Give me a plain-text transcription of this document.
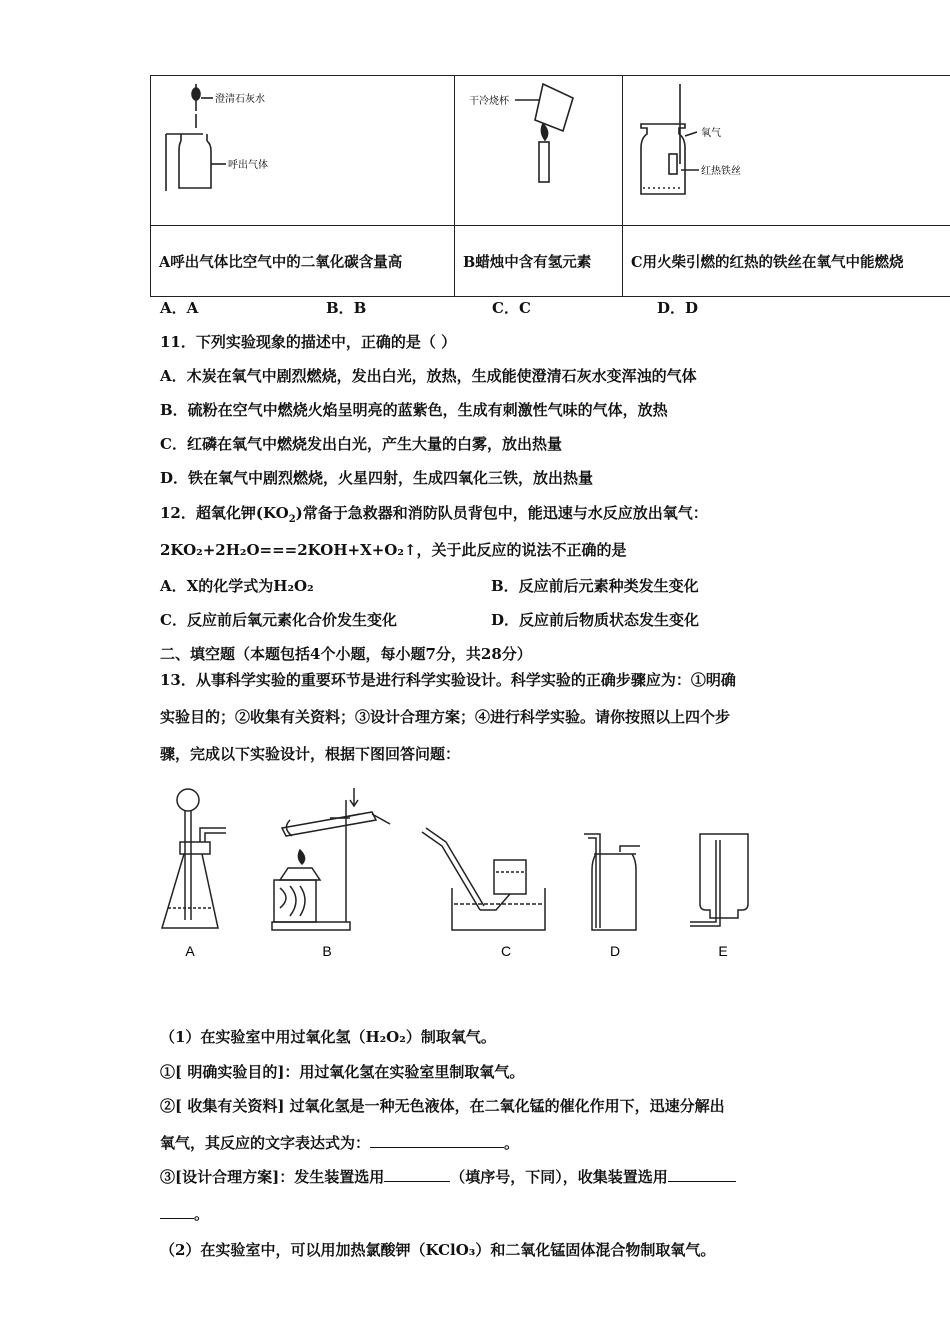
澄清石灰水
呼出气体	干冷烧杯	氧气
红热铁丝

A呼出气体比空气中的二氧化碳含量高	B蜡烛中含有氢元素	C用火柴引燃的红热的铁丝在氧气中能燃烧
A．A	B．B	C．C	D．D
11．下列实验现象的描述中，正确的是（ ）
A．木炭在氧气中剧烈燃烧，发出白光，放热，生成能使澄清石灰水变浑浊的气体
B．硫粉在空气中燃烧火焰呈明亮的蓝紫色，生成有刺激性气味的气体，放热
C．红磷在氧气中燃烧发出白光，产生大量的白雾，放出热量
D．铁在氧气中剧烈燃烧，火星四射，生成四氧化三铁，放出热量
12．超氧化钾$(KO_2)$常备于急救器和消防队员背包中，能迅速与水反应放出氧气：
2KO₂+2H₂O===2KOH+X+O₂↑，关于此反应的说法不正确的是
A．X的化学式为H₂O₂	B．反应前后元素种类发生变化
C．反应前后氧元素化合价发生变化	D．反应前后物质状态发生变化
二、填空题（本题包括4个小题，每小题7分，共28分）
13．从事科学实验的重要环节是进行科学实验设计。科学实验的正确步骤应为：①明确
实验目的；②收集有关资料；③设计合理方案；④进行科学实验。请你按照以上四个步
骤，完成以下实验设计，根据下图回答问题：
A	B	C	D	E
（1）在实验室中用过氧化氢（H₂O₂）制取氧气。
①[ 明确实验目的]：用过氧化氢在实验室里制取氧气。
②[ 收集有关资料] 过氧化氢是一种无色液体，在二氧化锰的催化作用下，迅速分解出
氧气，其反应的文字表达式为：	。
③[设计合理方案]：发生装置选用	（填序号，下同），收集装置选用
。
（2）在实验室中，可以用加热氯酸钾（KClO₃）和二氧化锰固体混合物制取氧气。
